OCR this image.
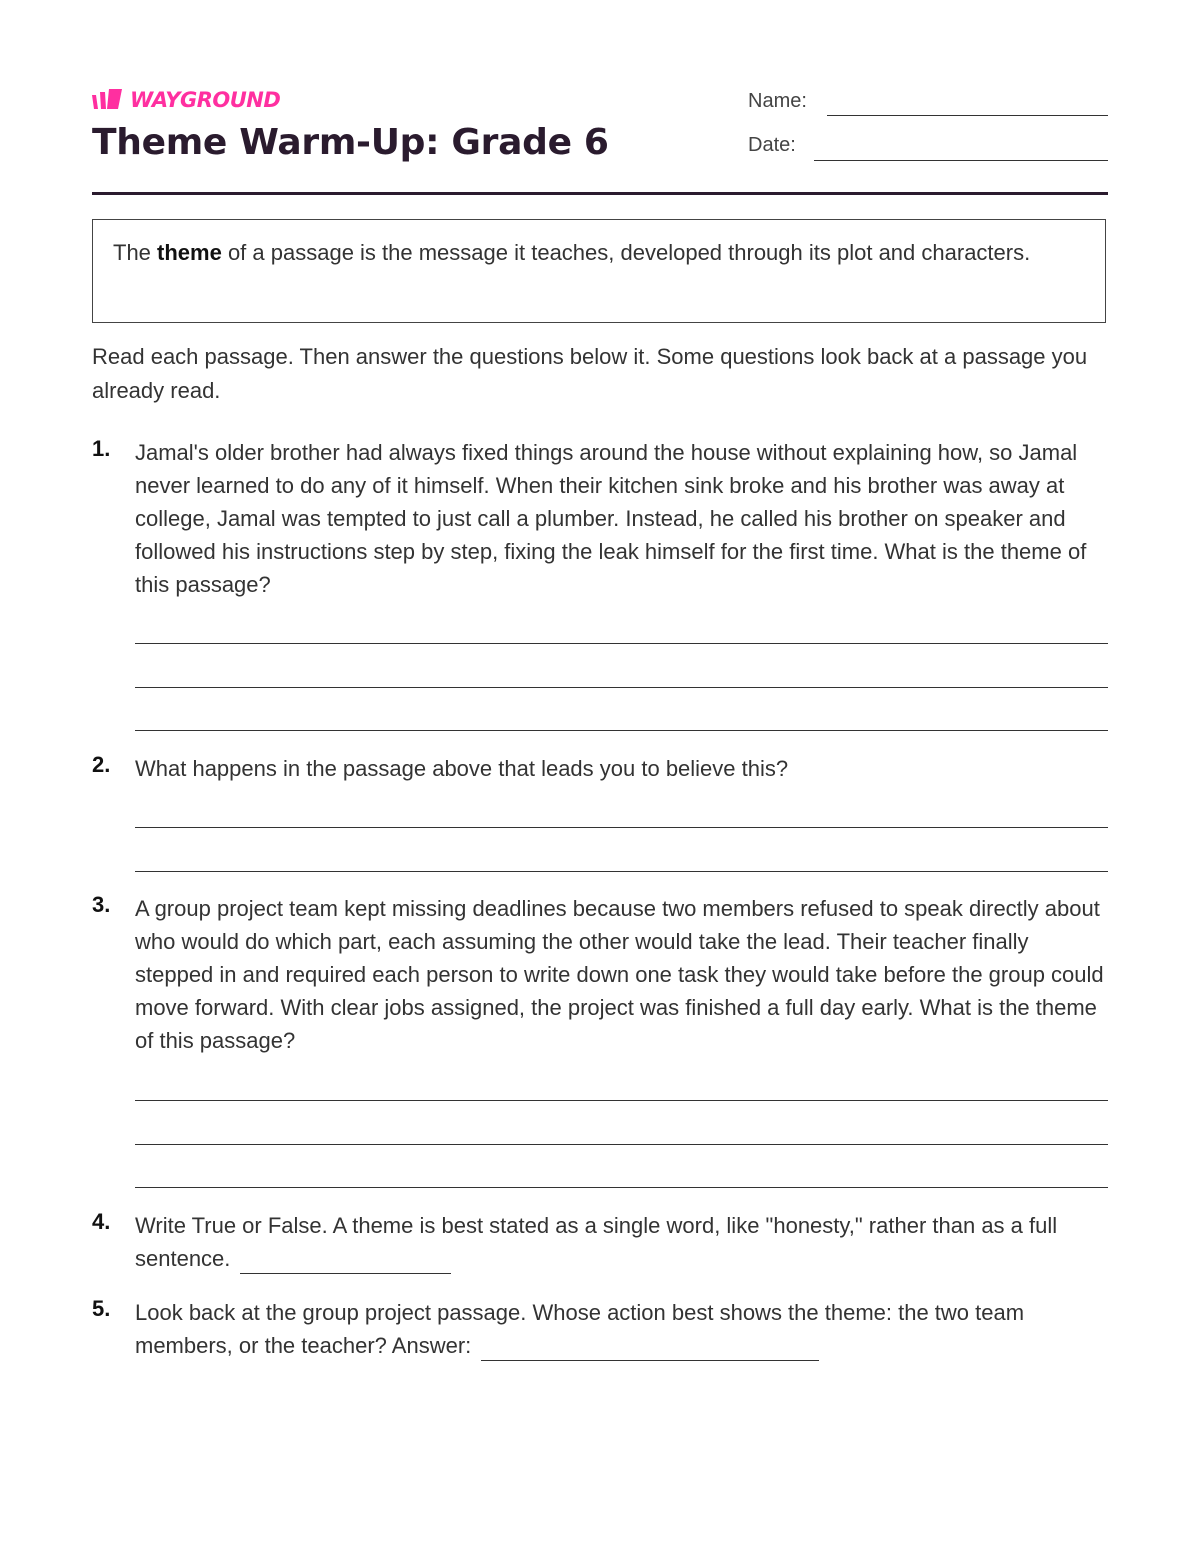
WAYGROUND
Theme Warm-Up: Grade 6
Name:
Date:
The theme of a passage is the message it teaches, developed through its plot and characters.

Read each passage. Then answer the questions below it. Some questions look back at a passage you already read.

1. Jamal's older brother had always fixed things around the house without explaining how, so Jamal never learned to do any of it himself. When their kitchen sink broke and his brother was away at college, Jamal was tempted to just call a plumber. Instead, he called his brother on speaker and followed his instructions step by step, fixing the leak himself for the first time. What is the theme of this passage?
2. What happens in the passage above that leads you to believe this?
3. A group project team kept missing deadlines because two members refused to speak directly about who would do which part, each assuming the other would take the lead. Their teacher finally stepped in and required each person to write down one task they would take before the group could move forward. With clear jobs assigned, the project was finished a full day early. What is the theme of this passage?
4. Write True or False. A theme is best stated as a single word, like "honesty," rather than as a full sentence.
5. Look back at the group project passage. Whose action best shows the theme: the two team members, or the teacher? Answer:
